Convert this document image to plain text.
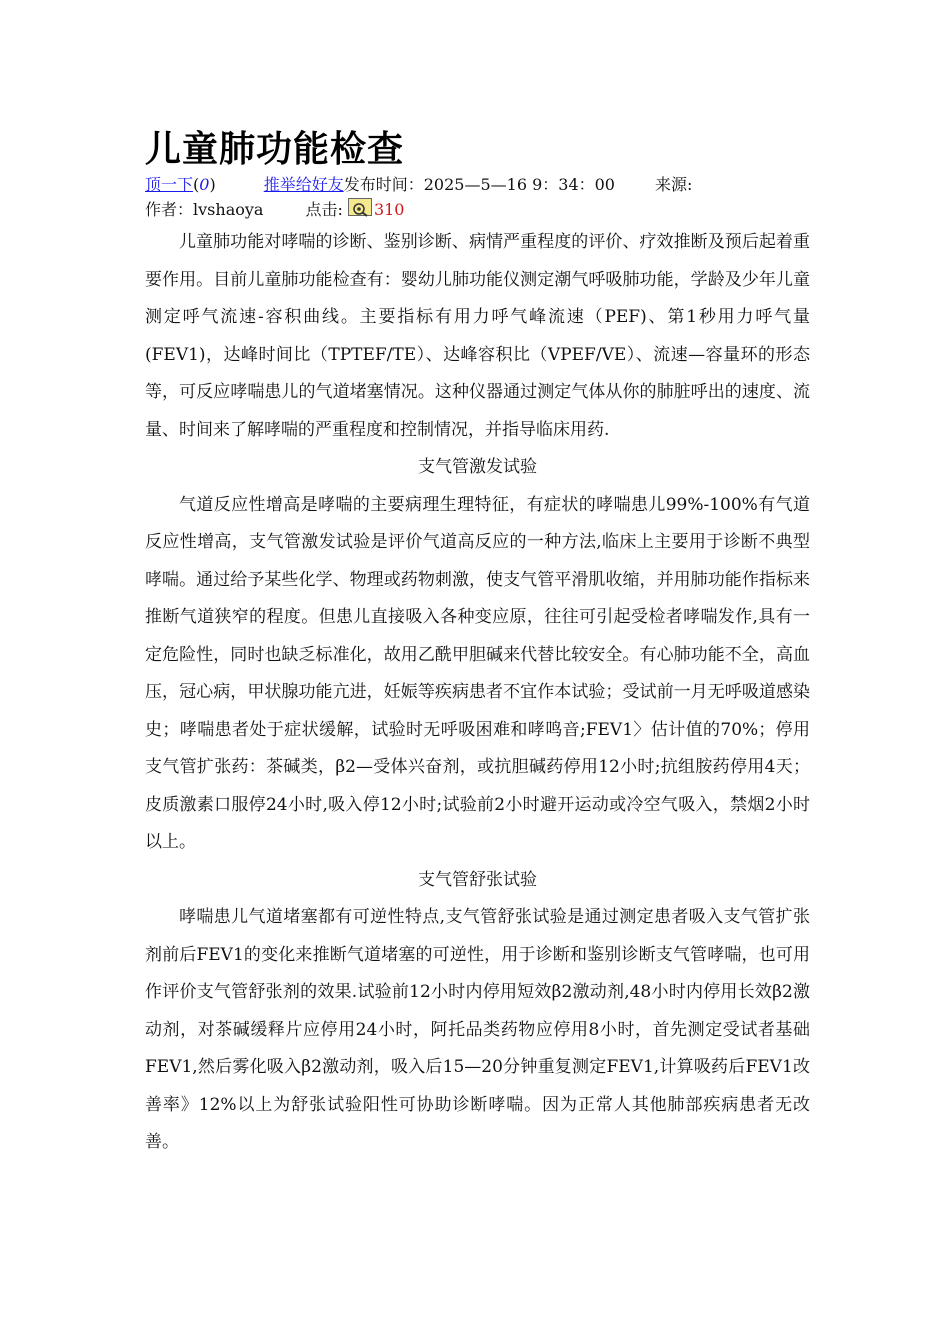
儿童肺功能检查
顶一下(0)	推举给好友发布时间：2025—5—16 9：34：00	来源:
作者：lvshaoya	点击: 310

儿童肺功能对哮喘的诊断、鉴别诊断、病情严重程度的评价、疗效推断及预后起着重要作用。目前儿童肺功能检查有：婴幼儿肺功能仪测定潮气呼吸肺功能，学龄及少年儿童测定呼气流速-容积曲线。主要指标有用力呼气峰流速（PEF)、第1秒用力呼气量(FEV1)，达峰时间比（TPTEF/TE）、达峰容积比（VPEF/VE）、流速—容量环的形态等，可反应哮喘患儿的气道堵塞情况。这种仪器通过测定气体从你的肺脏呼出的速度、流量、时间来了解哮喘的严重程度和控制情况，并指导临床用药.

支气管激发试验

气道反应性增高是哮喘的主要病理生理特征，有症状的哮喘患儿99%-100%有气道反应性增高，支气管激发试验是评价气道高反应的一种方法,临床上主要用于诊断不典型哮喘。通过给予某些化学、物理或药物刺激，使支气管平滑肌收缩，并用肺功能作指标来推断气道狭窄的程度。但患儿直接吸入各种变应原，往往可引起受检者哮喘发作,具有一定危险性，同时也缺乏标准化，故用乙酰甲胆碱来代替比较安全。有心肺功能不全，高血压，冠心病，甲状腺功能亢进，妊娠等疾病患者不宜作本试验；受试前一月无呼吸道感染史；哮喘患者处于症状缓解，试验时无呼吸困难和哮鸣音;FEV1〉估计值的70%；停用支气管扩张药：茶碱类，β2—受体兴奋剂，或抗胆碱药停用12小时;抗组胺药停用4天；皮质激素口服停24小时,吸入停12小时;试验前2小时避开运动或冷空气吸入，禁烟2小时以上。

支气管舒张试验

哮喘患儿气道堵塞都有可逆性特点,支气管舒张试验是通过测定患者吸入支气管扩张剂前后FEV1的变化来推断气道堵塞的可逆性，用于诊断和鉴别诊断支气管哮喘，也可用作评价支气管舒张剂的效果.试验前12小时内停用短效β2激动剂,48小时内停用长效β2激动剂，对茶碱缓释片应停用24小时，阿托品类药物应停用8小时，首先测定受试者基础FEV1,然后雾化吸入β2激动剂，吸入后15—20分钟重复测定FEV1,计算吸药后FEV1改善率》12%以上为舒张试验阳性可协助诊断哮喘。因为正常人其他肺部疾病患者无改善。
